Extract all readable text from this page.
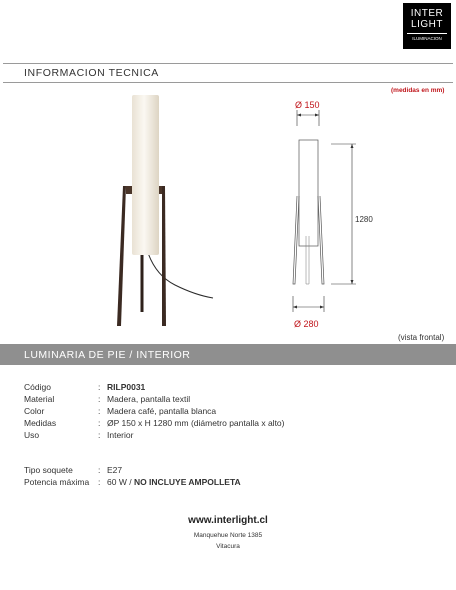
INTER
LIGHT
ILUMINACION
INFORMACION TECNICA
(medidas en mm)
Ø 150
1280
Ø 280
(vista frontal)
LUMINARIA DE PIE / INTERIOR
Código	: RILP0031
Material	: Madera, pantalla textil
Color	: Madera café, pantalla blanca
Medidas	: ØP 150 x H 1280 mm (diámetro pantalla x alto)
Uso	: Interior
Tipo soquete	: E27
Potencia máxima	: 60 W / NO INCLUYE AMPOLLETA
www.interlight.cl
Manquehue Norte 1385
Vitacura
